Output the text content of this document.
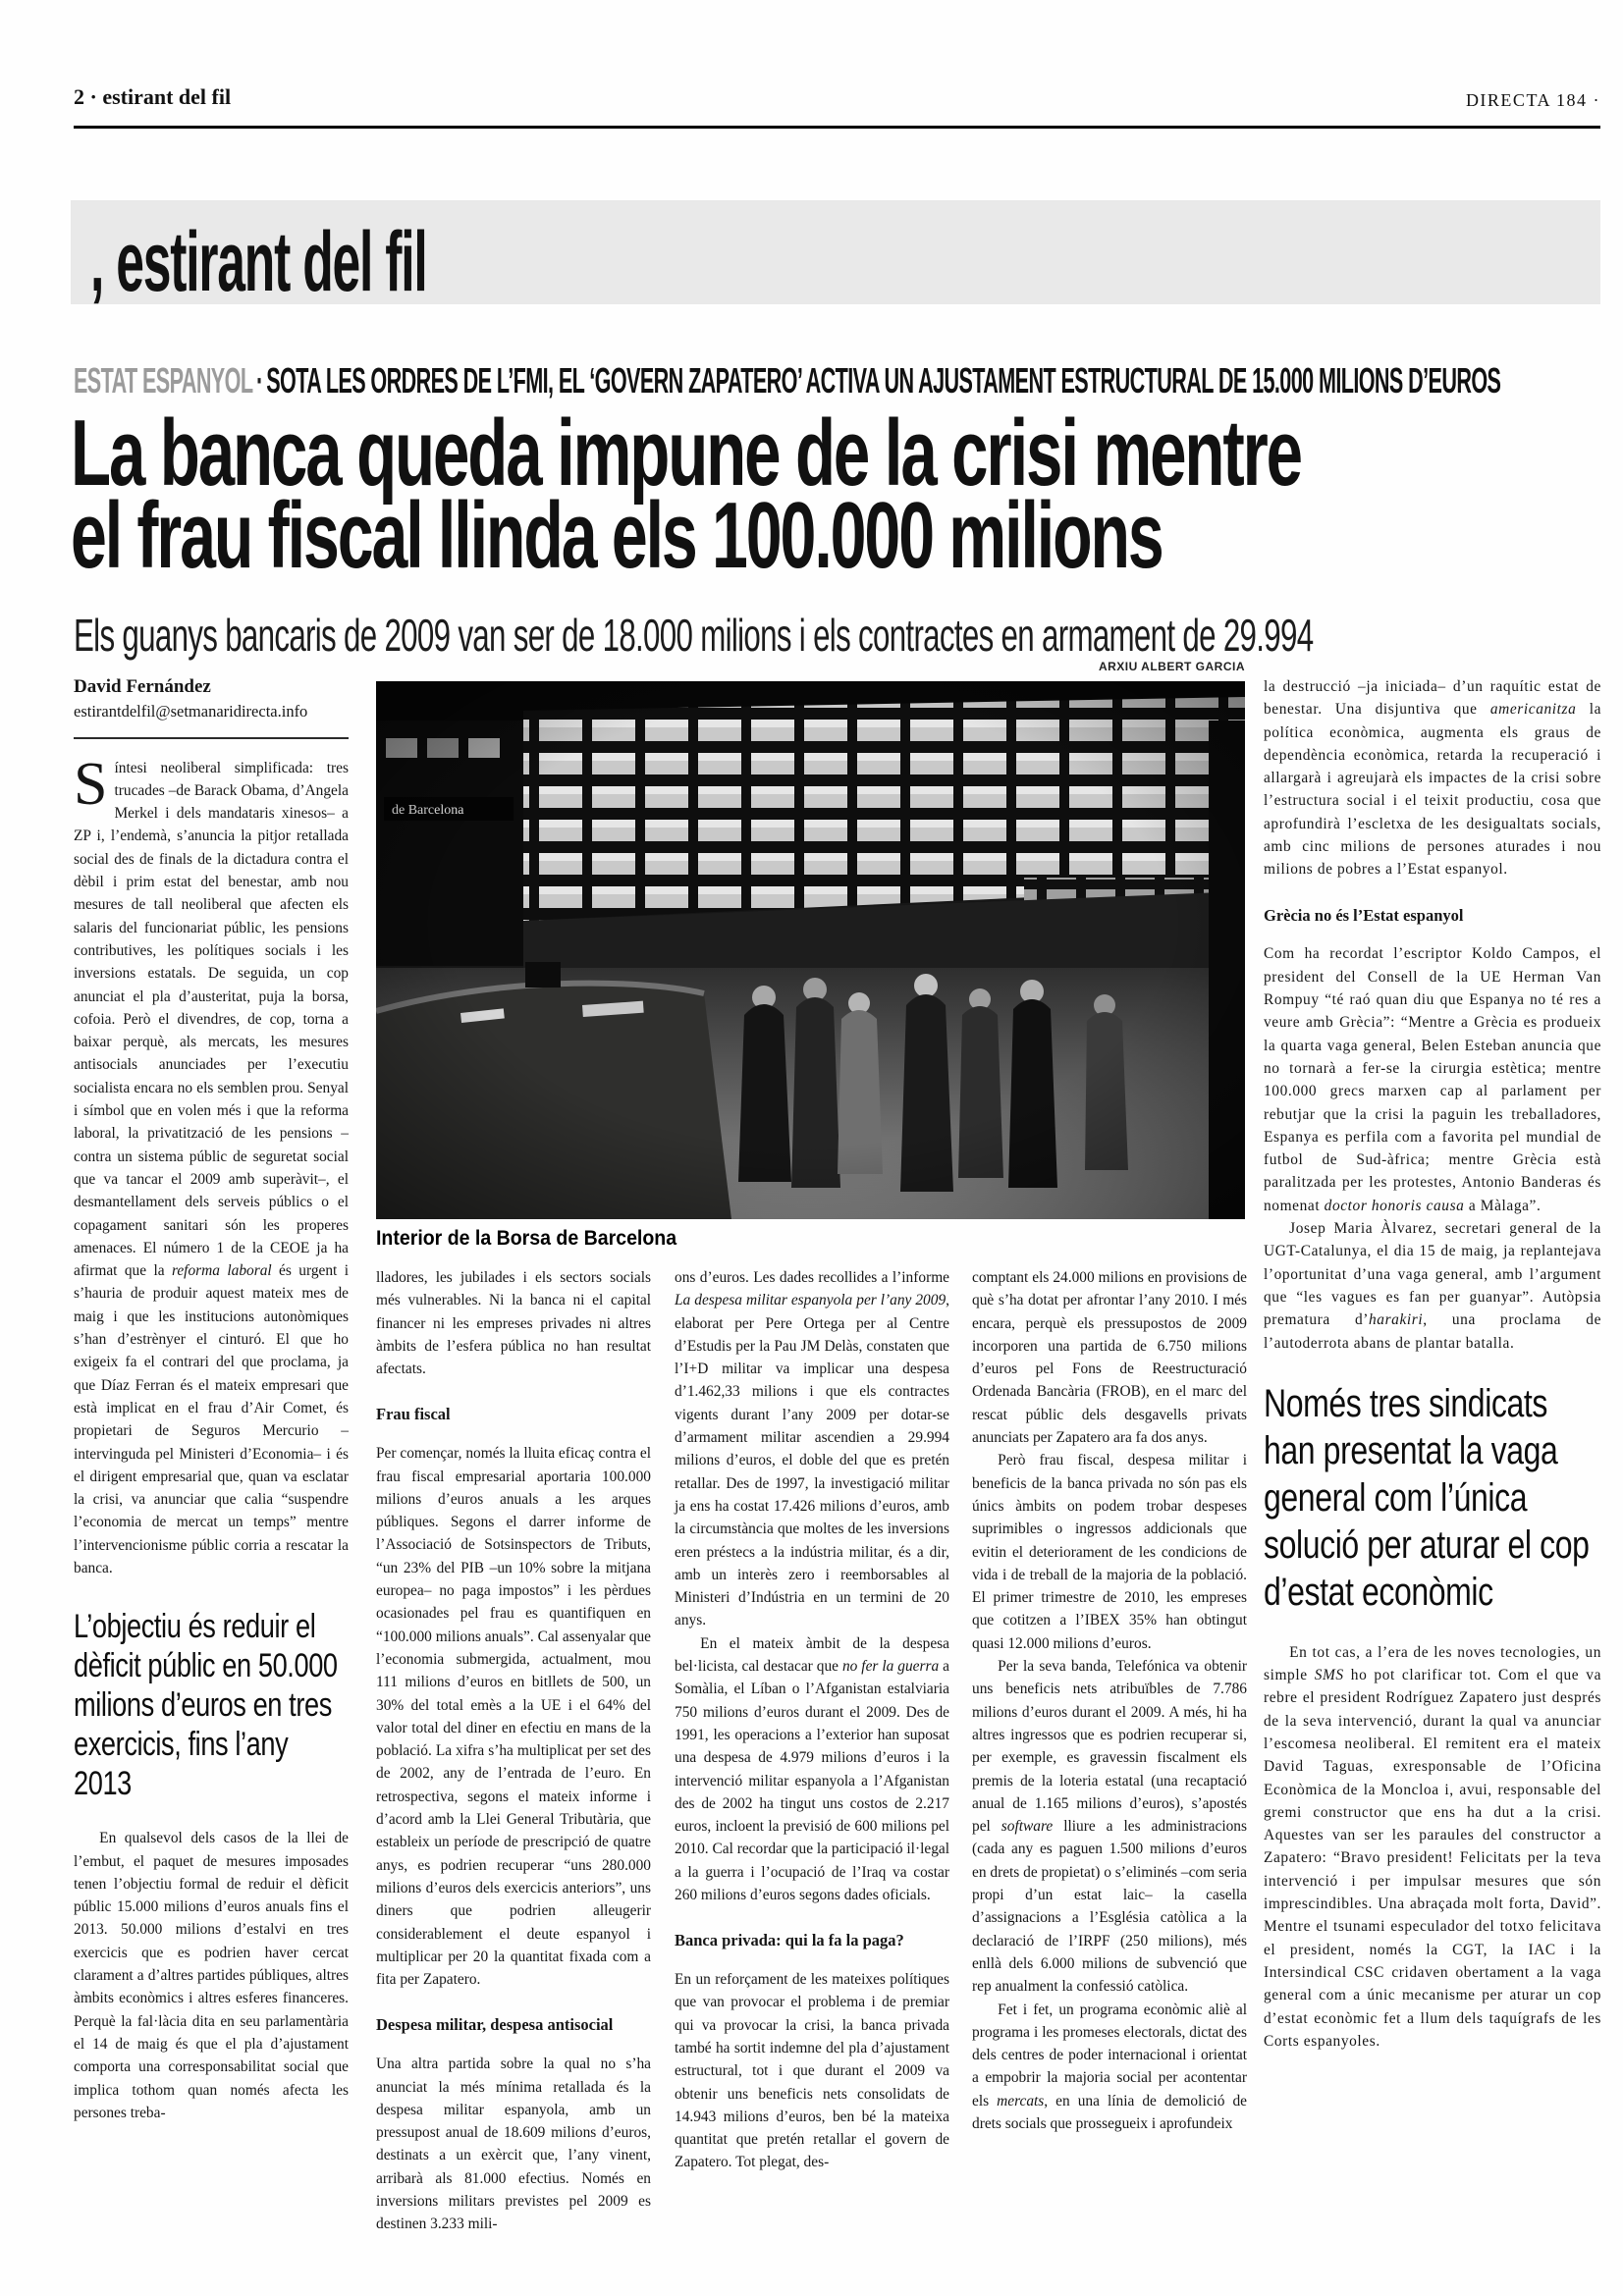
2 · estirant del fil	DIRECTA 184 ·
, estirant del fil
ESTAT ESPANYOL·SOTA LES ORDRES DE L’FMI, EL ‘GOVERN ZAPATERO’ ACTIVA UN AJUSTAMENT ESTRUCTURAL DE 15.000 MILIONS D’EUROS
La banca queda impune de la crisi mentre
el frau fiscal llinda els 100.000 milions
Els guanys bancaris de 2009 van ser de 18.000 milions i els contractes en armament de 29.994
ARXIU ALBERT GARCIA
Interior de la Borsa de Barcelona
David Fernández
estirantdelfil@setmanaridirecta.info

Síntesi neoliberal simplificada: tres trucades –de Barack Obama, d’Angela Merkel i dels mandataris xinesos– a ZP i, l’endemà, s’anuncia la pitjor retallada social des de finals de la dictadura contra el dèbil i prim estat del benestar, amb nou mesures de tall neoliberal que afecten els salaris del funcionariat públic, les pensions contributives, les polítiques socials i les inversions estatals. De seguida, un cop anunciat el pla d’austeritat, puja la borsa, cofoia. Però el divendres, de cop, torna a baixar perquè, als mercats, les mesures antisocials anunciades per l’executiu socialista encara no els semblen prou. Senyal i símbol que en volen més i que la reforma laboral, la privatització de les pensions –contra un sistema públic de seguretat social que va tancar el 2009 amb superàvit–, el desmantellament dels serveis públics o el copagament sanitari són les properes amenaces. El número 1 de la CEOE ja ha afirmat que la reforma laboral és urgent i s’hauria de produir aquest mateix mes de maig i que les institucions autonòmiques s’han d’estrènyer el cinturó. El que ho exigeix fa el contrari del que proclama, ja que Díaz Ferran és el mateix empresari que està implicat en el frau d’Air Comet, és propietari de Seguros Mercurio –intervinguda pel Ministeri d’Economia– i és el dirigent empresarial que, quan va esclatar la crisi, va anunciar que calia “suspendre l’economia de mercat un temps” mentre l’intervencionisme públic corria a rescatar la banca.

L’objectiu és reduir el dèficit públic en 50.000 milions d’euros en tres exercicis, fins l’any 2013

En qualsevol dels casos de la llei de l’embut, el paquet de mesures imposades tenen l’objectiu formal de reduir el dèficit públic 15.000 milions d’euros anuals fins el 2013. 50.000 milions d’estalvi en tres exercicis que es podrien haver cercat clarament a d’altres partides públiques, altres àmbits econòmics i altres esferes financeres. Perquè la fal·làcia dita en seu parlamentària el 14 de maig és que el pla d’ajustament comporta una corresponsabilitat social que implica tothom quan només afecta les persones treba-

lladores, les jubilades i els sectors socials més vulnerables. Ni la banca ni el capital financer ni les empreses privades ni altres àmbits de l’esfera pública no han resultat afectats.

Frau fiscal

Per començar, només la lluita eficaç contra el frau fiscal empresarial aportaria 100.000 milions d’euros anuals a les arques públiques. Segons el darrer informe de l’Associació de Sotsinspectors de Tributs, “un 23% del PIB –un 10% sobre la mitjana europea– no paga impostos” i les pèrdues ocasionades pel frau es quantifiquen en “100.000 milions anuals”. Cal assenyalar que l’economia submergida, actualment, mou 111 milions d’euros en bitllets de 500, un 30% del total emès a la UE i el 64% del valor total del diner en efectiu en mans de la població. La xifra s’ha multiplicat per set des de 2002, any de l’entrada de l’euro. En retrospectiva, segons el mateix informe i d’acord amb la Llei General Tributària, que estableix un període de prescripció de quatre anys, es podrien recuperar “uns 280.000 milions d’euros dels exercicis anteriors”, uns diners que podrien alleugerir considerablement el deute espanyol i multiplicar per 20 la quantitat fixada com a fita per Zapatero.

Despesa militar, despesa antisocial

Una altra partida sobre la qual no s’ha anunciat la més mínima retallada és la despesa militar espanyola, amb un pressupost anual de 18.609 milions d’euros, destinats a un exèrcit que, l’any vinent, arribarà als 81.000 efectius. Només en inversions militars previstes pel 2009 es destinen 3.233 mili-

ons d’euros. Les dades recollides a l’informe La despesa militar espanyola per l’any 2009, elaborat per Pere Ortega per al Centre d’Estudis per la Pau JM Delàs, constaten que l’I+D militar va implicar una despesa d’1.462,33 milions i que els contractes vigents durant l’any 2009 per dotar-se d’armament militar ascendien a 29.994 milions d’euros, el doble del que es pretén retallar. Des de 1997, la investigació militar ja ens ha costat 17.426 milions d’euros, amb la circumstància que moltes de les inversions eren préstecs a la indústria militar, és a dir, amb un interès zero i reemborsables al Ministeri d’Indústria en un termini de 20 anys.

En el mateix àmbit de la despesa bel·licista, cal destacar que no fer la guerra a Somàlia, el Líban o l’Afganistan estalviaria 750 milions d’euros durant el 2009. Des de 1991, les operacions a l’exterior han suposat una despesa de 4.979 milions d’euros i la intervenció militar espanyola a l’Afganistan des de 2002 ha tingut uns costos de 2.217 euros, incloent la previsió de 600 milions pel 2010. Cal recordar que la participació il·legal a la guerra i l’ocupació de l’Iraq va costar 260 milions d’euros segons dades oficials.

Banca privada: qui la fa la paga?

En un reforçament de les mateixes polítiques que van provocar el problema i de premiar qui va provocar la crisi, la banca privada també ha sortit indemne del pla d’ajustament estructural, tot i que durant el 2009 va obtenir uns beneficis nets consolidats de 14.943 milions d’euros, ben bé la mateixa quantitat que pretén retallar el govern de Zapatero. Tot plegat, des-

comptant els 24.000 milions en provisions de què s’ha dotat per afrontar l’any 2010. I més encara, perquè els pressupostos de 2009 incorporen una partida de 6.750 milions d’euros pel Fons de Reestructuració Ordenada Bancària (FROB), en el marc del rescat públic dels desgavells privats anunciats per Zapatero ara fa dos anys.

Però frau fiscal, despesa militar i beneficis de la banca privada no són pas els únics àmbits on podem trobar despeses suprimibles o ingressos addicionals que evitin el deteriorament de les condicions de vida i de treball de la majoria de la població. El primer trimestre de 2010, les empreses que cotitzen a l’IBEX 35% han obtingut quasi 12.000 milions d’euros.

Per la seva banda, Telefónica va obtenir uns beneficis nets atribuïbles de 7.786 milions d’euros durant el 2009. A més, hi ha altres ingressos que es podrien recuperar si, per exemple, es gravessin fiscalment els premis de la loteria estatal (una recaptació anual de 1.165 milions d’euros), s’apostés pel software lliure a les administracions (cada any es paguen 1.500 milions d’euros en drets de propietat) o s’eliminés –com seria propi d’un estat laic– la casella d’assignacions a l’Església catòlica a la declaració de l’IRPF (250 milions), més enllà dels 6.000 milions de subvenció que rep anualment la confessió catòlica.

Fet i fet, un programa econòmic aliè al programa i les promeses electorals, dictat des dels centres de poder internacional i orientat a empobrir la majoria social per acontentar els mercats, en una línia de demolició de drets socials que prossegueix i aprofundeix

la destrucció –ja iniciada– d’un raquític estat de benestar. Una disjuntiva que americanitza la política econòmica, augmenta els graus de dependència econòmica, retarda la recuperació i allargarà i agreujarà els impactes de la crisi sobre l’estructura social i el teixit productiu, cosa que aprofundirà l’escletxa de les desigualtats socials, amb cinc milions de persones aturades i nou milions de pobres a l’Estat espanyol.

Grècia no és l’Estat espanyol

Com ha recordat l’escriptor Koldo Campos, el president del Consell de la UE Herman Van Rompuy “té raó quan diu que Espanya no té res a veure amb Grècia”: “Mentre a Grècia es produeix la quarta vaga general, Belen Esteban anuncia que no tornarà a fer-se la cirurgia estètica; mentre 100.000 grecs marxen cap al parlament per rebutjar que la crisi la paguin les treballadores, Espanya es perfila com a favorita pel mundial de futbol de Sud-àfrica; mentre Grècia està paralitzada per les protestes, Antonio Banderas és nomenat doctor honoris causa a Màlaga”.

Josep Maria Àlvarez, secretari general de la UGT-Catalunya, el dia 15 de maig, ja replantejava l’oportunitat d’una vaga general, amb l’argument que “les vagues es fan per guanyar”. Autòpsia prematura d’harakiri, una proclama de l’autoderrota abans de plantar batalla.

Només tres sindicats han presentat la vaga general com l’única solució per aturar el cop d’estat econòmic

En tot cas, a l’era de les noves tecnologies, un simple SMS ho pot clarificar tot. Com el que va rebre el president Rodríguez Zapatero just després de la seva intervenció, durant la qual va anunciar l’escomesa neoliberal. El remitent era el mateix David Taguas, exresponsable de l’Oficina Econòmica de la Moncloa i, avui, responsable del gremi constructor que ens ha dut a la crisi. Aquestes van ser les paraules del constructor a Zapatero: “Bravo president! Felicitats per la teva intervenció i per impulsar mesures que són imprescindibles. Una abraçada molt forta, David”. Mentre el tsunami especulador del totxo felicitava el president, només la CGT, la IAC i la Intersindical CSC cridaven obertament a la vaga general com a únic mecanisme per aturar un cop d’estat econòmic fet a llum dels taquígrafs de les Corts espanyoles.
